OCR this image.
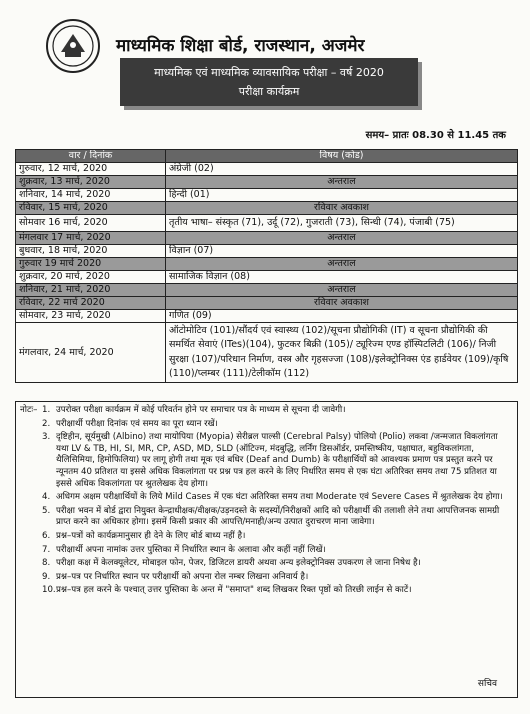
माध्यमिक शिक्षा बोर्ड, राजस्थान, अजमेर
माध्यमिक एवं माध्यमिक व्यावसायिक परीक्षा – वर्ष 2020
परीक्षा कार्यक्रम
समय– प्रातः 08.30 से 11.45 तक
वार / दिनांक	विषय (कोड)
गुरुवार, 12 मार्च, 2020	अंग्रेजी (02)
शुक्रवार, 13 मार्च, 2020	अन्तराल
शनिवार, 14 मार्च, 2020	हिन्दी (01)
रविवार, 15 मार्च, 2020	रविवार अवकाश
सोमवार 16 मार्च, 2020	तृतीय भाषा– संस्कृत (71), उर्दू (72), गुजराती (73), सिन्धी (74), पंजाबी (75)
मंगलवार 17 मार्च, 2020	अन्तराल
बुधवार, 18 मार्च, 2020	विज्ञान (07)
गुरुवार 19 मार्च 2020	अन्तराल
शुक्रवार, 20 मार्च, 2020	सामाजिक विज्ञान (08)
शनिवार, 21 मार्च, 2020	अन्तराल
रविवार, 22 मार्च 2020	रविवार अवकाश
सोमवार, 23 मार्च, 2020	गणित (09)
मंगलवार, 24 मार्च, 2020	ऑटोमोटिव (101)/सौंदर्य एवं स्वास्थ्य (102)/सूचना प्रौद्योगिकी (IT) व सूचना प्रौद्योगिकी की समर्थित सेवाएं (ITes)(104), फुटकर बिक्री (105)/ ट्यूरिज्म एण्ड हॉस्पिटलिटी (106)/ निजी सुरक्षा (107)/परिधान निर्माण, वस्त्र और गृहसज्जा (108)/इलेक्ट्रोनिक्स एंड हार्डवेयर (109)/कृषि (110)/प्लम्बर (111)/टेलीकॉम (112)
नोटः– 1. उपरोक्त परीक्षा कार्यक्रम में कोई परिवर्तन होने पर समाचार पत्र के माध्यम से सूचना दी जावेगी।
2. परीक्षार्थी परीक्षा दिनांक एवं समय का पूरा ध्यान रखें।
3. दृष्टिहीन, सूर्यमुखी (Albino) तथा मायोपिया (Myopia) सेरीब्रल पाल्सी (Cerebral Palsy) पोलियो (Polio) लकवा /जन्मजात विकलांगता यथा LV & TB, HI, SI, MR, CP, ASD, MD, SLD (ऑटिज्म, मंदबुद्धि, लर्निंग डिसऑर्डर, प्रमस्तिष्कीय, पक्षाघात, बहुविकलांगता, थैलिसिमिया, हिमोफिलिया) पर लागू होगी तथा मूक एवं बधिर (Deaf and Dumb) के परीक्षार्थियों को आवश्यक प्रमाण पत्र प्रस्तुत करने पर न्यूनतम 40 प्रतिशत या इससे अधिक विकलांगता पर प्रश्न पत्र हल करने के लिए निर्धारित समय से एक घंटा अतिरिक्त समय तथा 75 प्रतिशत या इससे अधिक विकलांगता पर श्रुतलेखक देय होगा।
4. अधिगम अक्षम परीक्षार्थियों के लिये Mild Cases में एक घंटा अतिरिक्त समय तथा Moderate एवं Severe Cases में श्रुतलेखक देय होगा।
5. परीक्षा भवन में बोर्ड द्वारा नियुक्त केन्द्राधीक्षक/वीक्षक/उड़नदस्ते के सदस्यों/निरीक्षकों आदि को परीक्षार्थी की तलाशी लेने तथा आपत्तिजनक सामग्री प्राप्त करने का अधिकार होगा। इसमें किसी प्रकार की आपत्ति/मनाही/अन्य उत्पात दुराचरण माना जावेगा।
6. प्रश्न–पत्रों को कार्यक्रमानुसार ही देने के लिए बोर्ड बाध्य नहीं है।
7. परीक्षार्थी अपना नामांक उत्तर पुस्तिका में निर्धारित स्थान के अलावा और कहीं नहीं लिखें।
8. परीक्षा कक्ष में केलक्यूलेटर, मोबाइल फोन, पेजर, डिजिटल डायरी अथवा अन्य इलेक्ट्रोनिक्स उपकरण ले जाना निषेध है।
9. प्रश्न–पत्र पर निर्धारित स्थान पर परीक्षार्थी को अपना रोल नम्बर लिखना अनिवार्य है।
10. प्रश्न–पत्र हल करने के पश्चात् उत्तर पुस्तिका के अन्त में "समाप्त" शब्द लिखकर रिक्त पृष्ठों को तिरछी लाईन से काटें।
सचिव
